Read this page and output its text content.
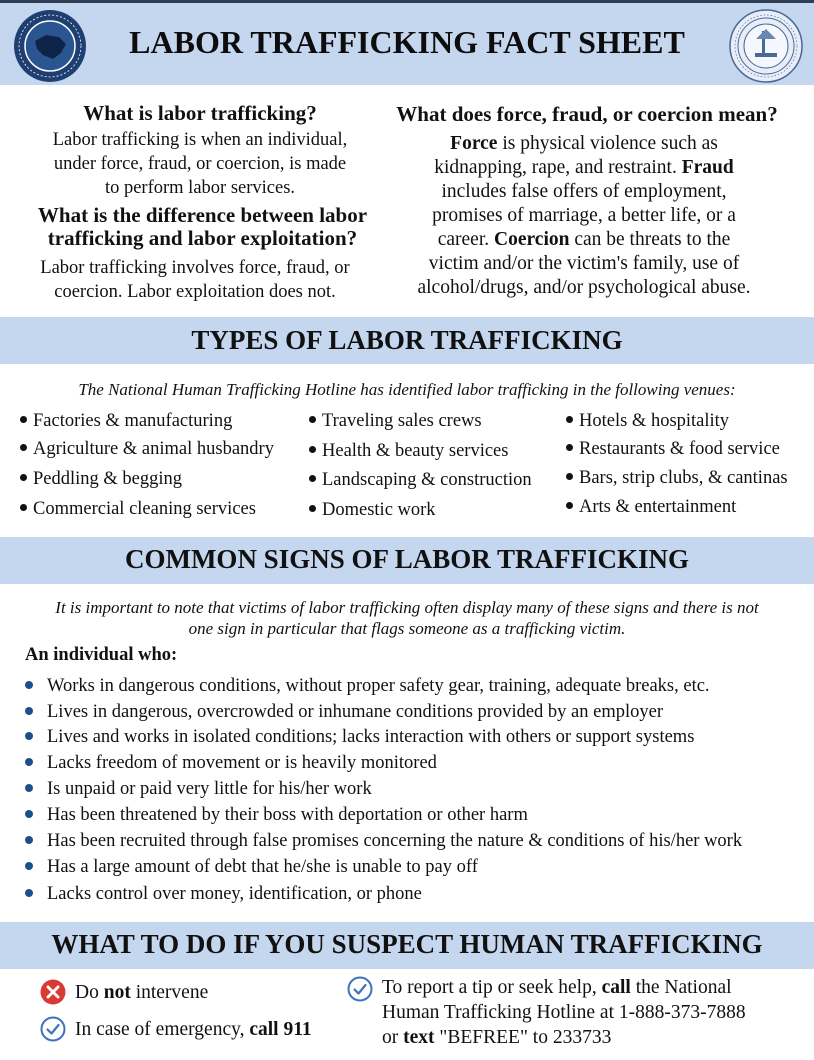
LABOR TRAFFICKING FACT SHEET
What is labor trafficking?
Labor trafficking is when an individual,
under force, fraud, or coercion, is made
to perform labor services.
What is the difference between labor
trafficking and labor exploitation?
Labor trafficking involves force, fraud, or
coercion. Labor exploitation does not.
What does force, fraud, or coercion mean?
Force is physical violence such as
kidnapping, rape, and restraint. Fraud
includes false offers of employment,
promises of marriage, a better life, or a
career. Coercion can be threats to the
victim and/or the victim's family, use of
alcohol/drugs, and/or psychological abuse.
TYPES OF LABOR TRAFFICKING
The National Human Trafficking Hotline has identified labor trafficking in the following venues:
Factories & manufacturing
Agriculture & animal husbandry
Peddling & begging
Commercial cleaning services
Traveling sales crews
Health & beauty services
Landscaping & construction
Domestic work
Hotels & hospitality
Restaurants & food service
Bars, strip clubs, & cantinas
Arts & entertainment
COMMON SIGNS OF LABOR TRAFFICKING
It is important to note that victims of labor trafficking often display many of these signs and there is not
one sign in particular that flags someone as a trafficking victim.
An individual who:
Works in dangerous conditions, without proper safety gear, training, adequate breaks, etc.
Lives in dangerous, overcrowded or inhumane conditions provided by an employer
Lives and works in isolated conditions; lacks interaction with others or support systems
Lacks freedom of movement or is heavily monitored
Is unpaid or paid very little for his/her work
Has been threatened by their boss with deportation or other harm
Has been recruited through false promises concerning the nature & conditions of his/her work
Has a large amount of debt that he/she is unable to pay off
Lacks control over money, identification, or phone
WHAT TO DO IF YOU SUSPECT HUMAN TRAFFICKING
Do not intervene
In case of emergency, call 911
To report a tip or seek help, call the National
Human Trafficking Hotline at 1-888-373-7888
or text "BEFREE" to 233733
